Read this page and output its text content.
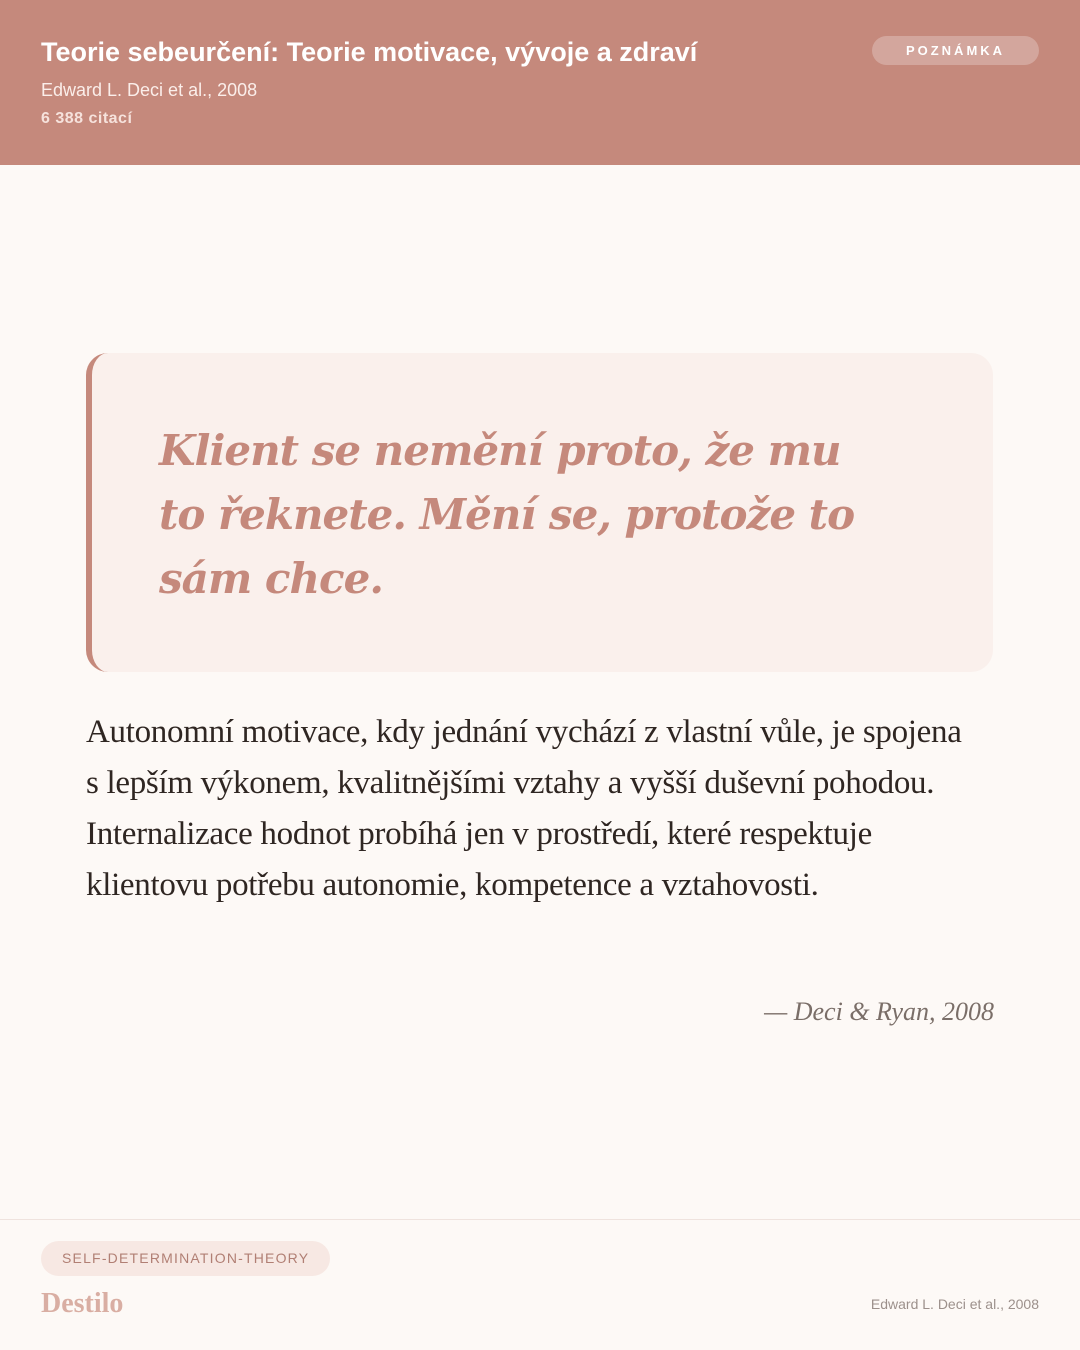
Teorie sebeurčení: Teorie motivace, vývoje a zdraví
Edward L. Deci et al., 2008
6 388 citací
POZNÁMKA
Klient se nemění proto, že mu to řeknete. Mění se, protože to sám chce.
Autonomní motivace, kdy jednání vychází z vlastní vůle, je spojena s lepším výkonem, kvalitnějšími vztahy a vyšší duševní pohodou. Internalizace hodnot probíhá jen v prostředí, které respektuje klientovu potřebu autonomie, kompetence a vztahovosti.
— Deci & Ryan, 2008
SELF-DETERMINATION-THEORY
Destilo	Edward L. Deci et al., 2008
